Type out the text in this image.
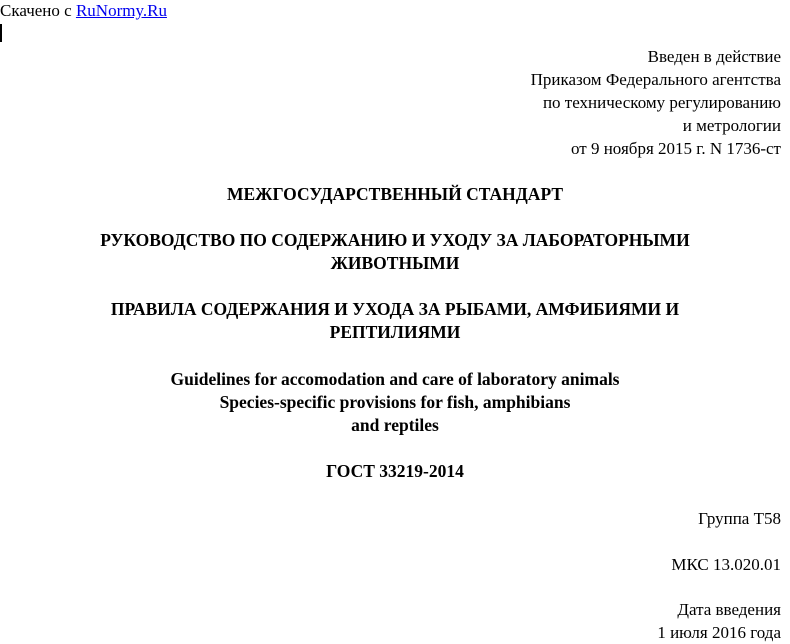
Скачено с RuNormy.Ru
Введен в действие
Приказом Федерального агентства
по техническому регулированию
и метрологии
от 9 ноября 2015 г. N 1736-ст
МЕЖГОСУДАРСТВЕННЫЙ СТАНДАРТ
РУКОВОДСТВО ПО СОДЕРЖАНИЮ И УХОДУ ЗА ЛАБОРАТОРНЫМИ
ЖИВОТНЫМИ
ПРАВИЛА СОДЕРЖАНИЯ И УХОДА ЗА РЫБАМИ, АМФИБИЯМИ И
РЕПТИЛИЯМИ
Guidelines for accomodation and care of laboratory animals
Species-specific provisions for fish, amphibians
and reptiles
ГОСТ 33219-2014
Группа Т58
МКС 13.020.01
Дата введения
1 июля 2016 года
